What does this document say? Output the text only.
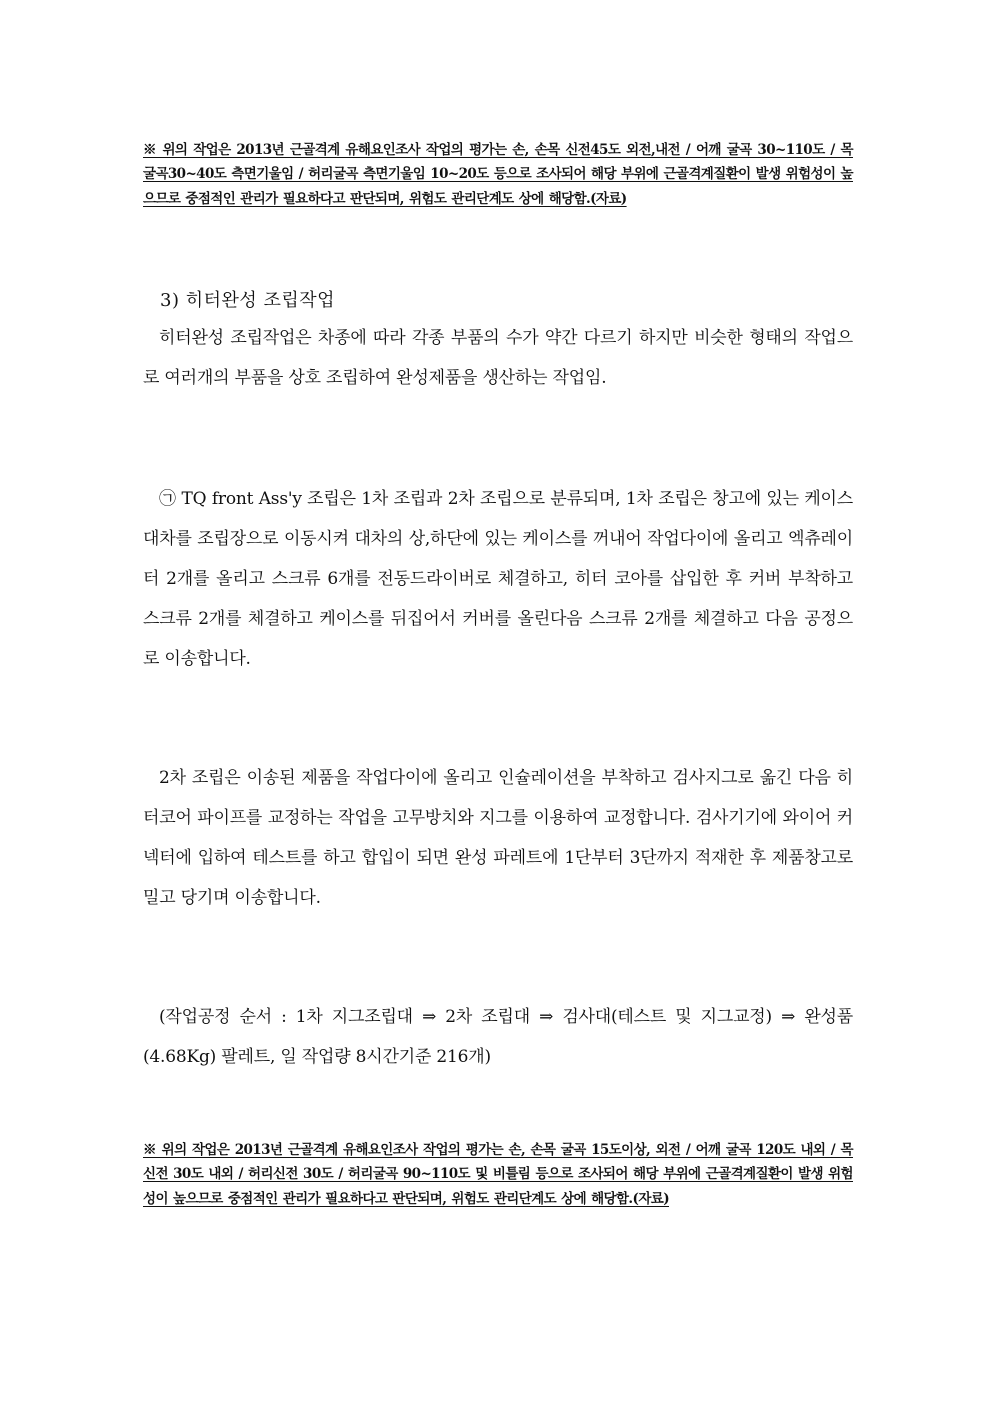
※ 위의 작업은 2013년 근골격계 유해요인조사 작업의 평가는 손, 손목 신전45도 외전,내전 / 어깨 굴곡 30~110도 / 목 굴곡30~40도 측면기울임 / 허리굴곡 측면기울임 10~20도 등으로 조사되어 해당 부위에 근골격계질환이 발생 위험성이 높으므로 중점적인 관리가 필요하다고 판단되며, 위험도 관리단계도 상에 해당함.(자료)

3) 히터완성 조립작업

히터완성 조립작업은 차종에 따라 각종 부품의 수가 약간 다르기 하지만 비슷한 형태의 작업으로 여러개의 부품을 상호 조립하여 완성제품을 생산하는 작업임.

㉠ TQ front Ass'y 조립은 1차 조립과 2차 조립으로 분류되며, 1차 조립은 창고에 있는 케이스 대차를 조립장으로 이동시켜 대차의 상,하단에 있는 케이스를 꺼내어 작업다이에 올리고 엑츄레이터 2개를 올리고 스크류 6개를 전동드라이버로 체결하고, 히터 코아를 삽입한 후 커버 부착하고 스크류 2개를 체결하고 케이스를 뒤집어서 커버를 올린다음 스크류 2개를 체결하고 다음 공정으로 이송합니다.

2차 조립은 이송된 제품을 작업다이에 올리고 인슐레이션을 부착하고 검사지그로 옮긴 다음 히터코어 파이프를 교정하는 작업을 고무방치와 지그를 이용하여 교정합니다. 검사기기에 와이어 커넥터에 입하여 테스트를 하고 합입이 되면 완성 파레트에 1단부터 3단까지 적재한 후 제품창고로 밀고 당기며 이송합니다.

(작업공정 순서 : 1차 지그조립대 ⇒ 2차 조립대 ⇒ 검사대(테스트 및 지그교정) ⇒ 완성품(4.68Kg) 팔레트, 일 작업량 8시간기준 216개)

※ 위의 작업은 2013년 근골격계 유해요인조사 작업의 평가는 손, 손목 굴곡 15도이상, 외전 / 어깨 굴곡 120도 내외 / 목 신전 30도 내외 / 허리신전 30도 / 허리굴곡 90~110도 및 비틀림 등으로 조사되어 해당 부위에 근골격계질환이 발생 위험성이 높으므로 중점적인 관리가 필요하다고 판단되며, 위험도 관리단계도 상에 해당함.(자료)
